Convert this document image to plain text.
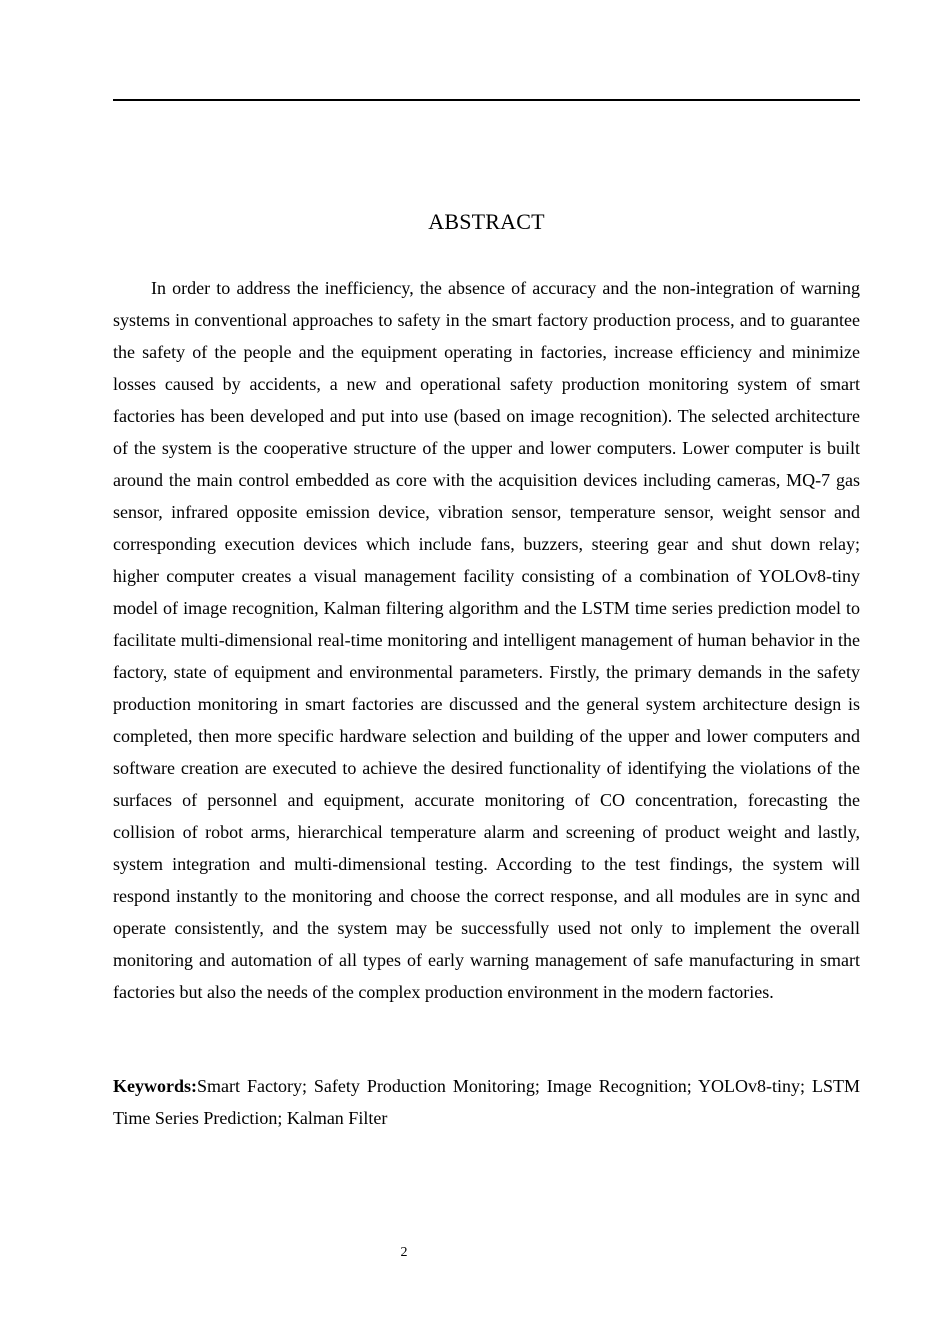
ABSTRACT

In order to address the inefficiency, the absence of accuracy and the non-integration of warning systems in conventional approaches to safety in the smart factory production process, and to guarantee the safety of the people and the equipment operating in factories, increase efficiency and minimize losses caused by accidents, a new and operational safety production monitoring system of smart factories has been developed and put into use (based on image recognition). The selected architecture of the system is the cooperative structure of the upper and lower computers. Lower computer is built around the main control embedded as core with the acquisition devices including cameras, MQ-7 gas sensor, infrared opposite emission device, vibration sensor, temperature sensor, weight sensor and corresponding execution devices which include fans, buzzers, steering gear and shut down relay; higher computer creates a visual management facility consisting of a combination of YOLOv8-tiny model of image recognition, Kalman filtering algorithm and the LSTM time series prediction model to facilitate multi-dimensional real-time monitoring and intelligent management of human behavior in the factory, state of equipment and environmental parameters. Firstly, the primary demands in the safety production monitoring in smart factories are discussed and the general system architecture design is completed, then more specific hardware selection and building of the upper and lower computers and software creation are executed to achieve the desired functionality of identifying the violations of the surfaces of personnel and equipment, accurate monitoring of CO concentration, forecasting the collision of robot arms, hierarchical temperature alarm and screening of product weight and lastly, system integration and multi-dimensional testing. According to the test findings, the system will respond instantly to the monitoring and choose the correct response, and all modules are in sync and operate consistently, and the system may be successfully used not only to implement the overall monitoring and automation of all types of early warning management of safe manufacturing in smart factories but also the needs of the complex production environment in the modern factories.

Keywords:Smart Factory; Safety Production Monitoring; Image Recognition; YOLOv8-tiny; LSTM Time Series Prediction; Kalman Filter

2
